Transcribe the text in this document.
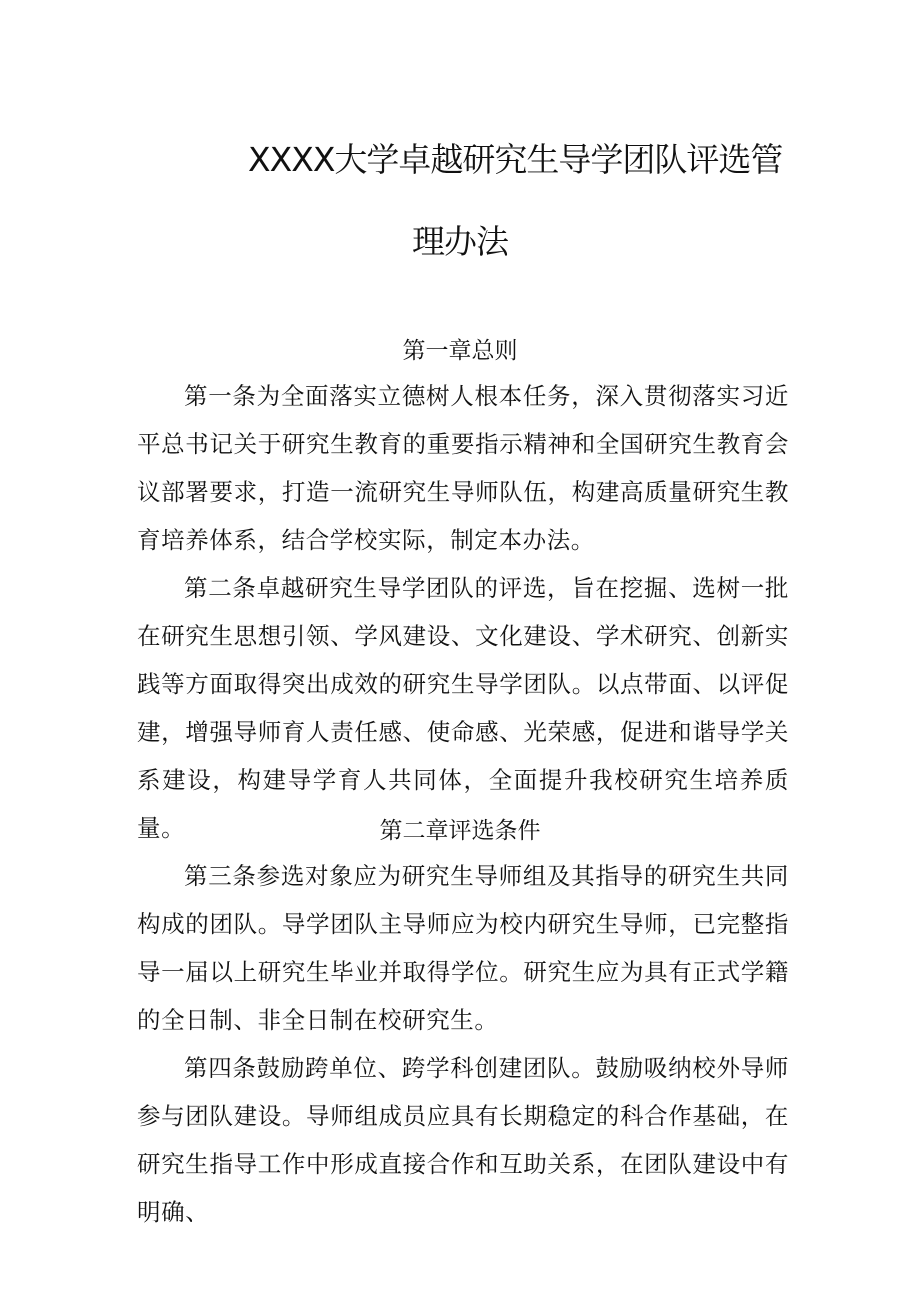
XXXX大学卓越研究生导学团队评选管
理办法
第一章总则

第一条为全面落实立德树人根本任务，深入贯彻落实习近平总书记关于研究生教育的重要指示精神和全国研究生教育会议部署要求，打造一流研究生导师队伍，构建高质量研究生教育培养体系，结合学校实际，制定本办法。

第二条卓越研究生导学团队的评选，旨在挖掘、选树一批在研究生思想引领、学风建设、文化建设、学术研究、创新实践等方面取得突出成效的研究生导学团队。以点带面、以评促建，增强导师育人责任感、使命感、光荣感，促进和谐导学关系建设，构建导学育人共同体，全面提升我校研究生培养质量。	第二章评选条件

第三条参选对象应为研究生导师组及其指导的研究生共同构成的团队。导学团队主导师应为校内研究生导师，已完整指导一届以上研究生毕业并取得学位。研究生应为具有正式学籍的全日制、非全日制在校研究生。

第四条鼓励跨单位、跨学科创建团队。鼓励吸纳校外导师参与团队建设。导师组成员应具有长期稳定的科合作基础，在研究生指导工作中形成直接合作和互助关系，在团队建设中有明确、
